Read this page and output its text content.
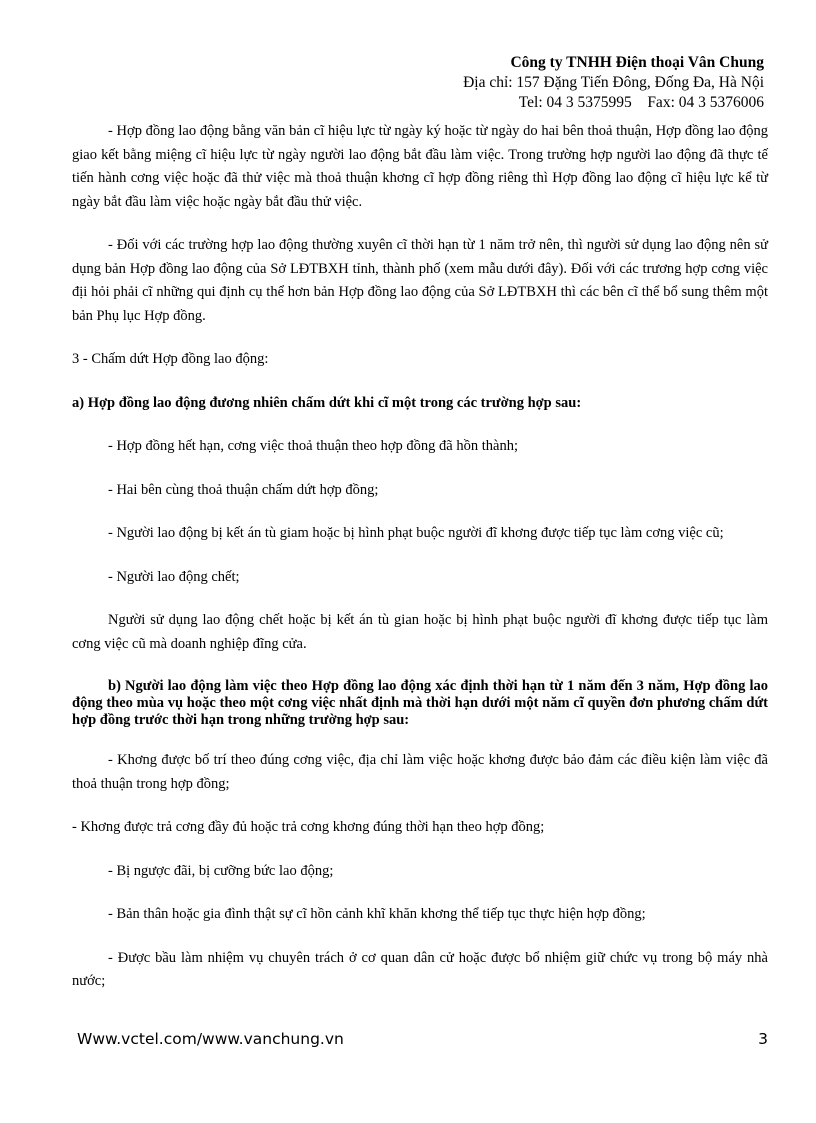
Công ty TNHH Điện thoại Vân Chung
Địa chỉ: 157 Đặng Tiến Đông, Đống Đa, Hà Nội
Tel: 04 3 5375995 Fax: 04 3 5376006

- Hợp đồng lao động bằng văn bản cĩ hiệu lực từ ngày ký hoặc từ ngày do hai bên thoả thuận, Hợp đồng lao động giao kết bằng miệng cĩ hiệu lực từ ngày người lao động bắt đầu làm việc. Trong trường hợp người lao động đã thực tế tiến hành cơng việc hoặc đã thử việc mà thoả thuận khơng cĩ hợp đồng riêng thì Hợp đồng lao động cĩ hiệu lực kể từ ngày bắt đầu làm việc hoặc ngày bắt đầu thử việc.

- Đối với các trường hợp lao động thường xuyên cĩ thời hạn từ 1 năm trở nên, thì người sử dụng lao động nên sử dụng bản Hợp đồng lao động của Sở LĐTBXH tỉnh, thành phố (xem mẫu dưới đây). Đối với các trương hợp cơng việc địi hỏi phải cĩ những qui định cụ thể hơn bản Hợp đồng lao động của Sở LĐTBXH thì các bên cĩ thể bổ sung thêm một bản Phụ lục Hợp đồng.

3 - Chấm dứt Hợp đồng lao động:

a) Hợp đồng lao động đương nhiên chấm dứt khi cĩ một trong các trường hợp sau:

- Hợp đồng hết hạn, cơng việc thoả thuận theo hợp đồng đã hồn thành;

- Hai bên cùng thoả thuận chấm dứt hợp đồng;

- Người lao động bị kết án tù giam hoặc bị hình phạt buộc người đĩ khơng được tiếp tục làm cơng việc cũ;

- Người lao động chết;

Người sử dụng lao động chết hoặc bị kết án tù gian hoặc bị hình phạt buộc người đĩ khơng được tiếp tục làm cơng việc cũ mà doanh nghiệp đĩng cửa.

b) Người lao động làm việc theo Hợp đồng lao động xác định thời hạn từ 1 năm đến 3 năm, Hợp đồng lao động theo mùa vụ hoặc theo một cơng việc nhất định mà thời hạn dưới một năm cĩ quyền đơn phương chấm dứt hợp đồng trước thời hạn trong những trường hợp sau:

- Khơng được bố trí theo đúng cơng việc, địa chỉ làm việc hoặc khơng được bảo đảm các điều kiện làm việc đã thoả thuận trong hợp đồng;

- Khơng được trả cơng đầy đủ hoặc trả cơng khơng đúng thời hạn theo hợp đồng;

- Bị ngược đãi, bị cưỡng bức lao động;

- Bản thân hoặc gia đình thật sự cĩ hồn cảnh khĩ khăn khơng thể tiếp tục thực hiện hợp đồng;

- Được bầu làm nhiệm vụ chuyên trách ở cơ quan dân cử hoặc được bổ nhiệm giữ chức vụ trong bộ máy nhà nước;

Www.vctel.com/www.vanchung.vn	3
